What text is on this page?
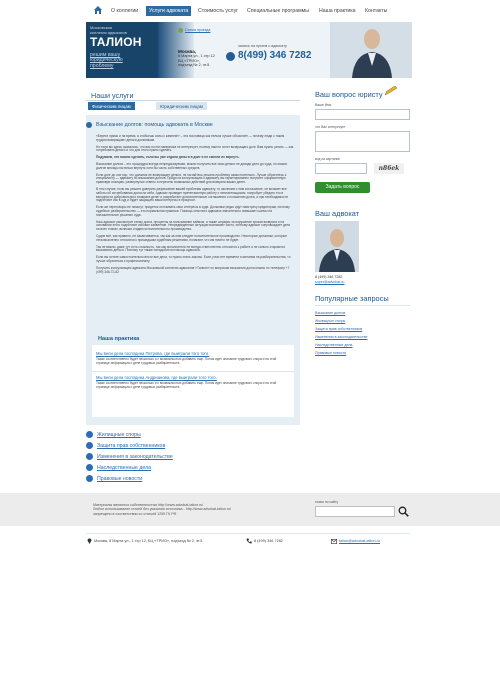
О коллегии	Услуги адвоката	Стоимость услуг Специальные программы Наша практика Контакты
Московская
коллегия адвокатов
ТАЛИОН
решим вашу
юридическую
проблему
Схема проезда
Москва,
8 Марта ул., 1 стр 12
БЦ «ТРИО»,
подъезд № 2, эт.5
запись на прием к адвокату
8(499) 346 7282
Наши услуги
Физическим лицам	Юридическим лицам
Взыскание долгов: помощь адвоката в Москве

«Береги прямо и на время, а отобьешь силы с камнем!» – эта пословица как нельзя лучше объясняет — почему люди с таким трудом возвращают деньги должникам.

Но если вы здесь оказались, что вас почти наверняка не интересует, почему нам не хотят возвращать долг. Вам нужно узнать — как потребовать деньги и что для этого нужно сделать.

Подумаем, что можно сделать, если вы уже отдали деньги в долг и не смогли их вернуть.

Взыскание долгов – это процедура всегда непредсказуемая, можно получить все свои деньги не доводя дело до суда, но можно долгие месяцы пытаться вернуть хотя бы часть собственных средств.

Если долг до сих пор, что должник не возвращает деньги, не пытайтесь решить проблему самостоятельно. Лучше обратитесь к специалисту — адвокату по взысканию долгов. Придя на консультацию к адвокату, вы гарантированно получите оформленную правовую позицию, развернутые ответы и перечень возможных действий для возврата ваших денег.

В том случае, если вы решите доверить разрешение вашей проблемы адвокату, то заключив с ним соглашение, он возьмет все заботы об истребовании долга на себя. Адвокат проведет претензионную работу с неплательщиком, попробует убедить его в выгодности добровольного возврата денег и разработает дополнительные соглашения о погашении долга, а при необходимости подготовит иск в суд и будет защищать ваши интересы в процессе.

Если же переговоры не помогут, придется отстаивать свои интересы в суде. Должники редко идут навстречу кредиторам, поэтому судебное разбирательство — это нормальная практика. Помощь опытного адвоката значительно повышает шансы на положительное решение суда.

Наш адвокат рассмотрит схему долга, проценты за пользование займом, а также штрафы за нарушение сроков возврата и на основании этого подготовит исковое заявление. Непредвиденные ситуации возникают часто, поэтому адвокат сопровождает дело на всех этапах, включая стадию исполнительного производства.

Судов всё, как правило, не заканчивается, так как за ним следует исполнительное производство. Некоторые должники, которые легкомысленно относятся к пришедшим судебным решениям, полагают, что им ничего не будет.

Так не важно, даже тут есть сложность, так как исполнители не всегда ответственно относятся к работе и не сильно стараются взыскивать деньги. Поэтому тут также понадобится помощь адвоката.

Если вы хотите самостоятельно вести все дела, то нужно знать законы. Если у вас нет времени и желания на разбирательства, то лучше обратиться к профессионалу.

Получить консультацию адвоката Московской коллегии адвокатов «Талион» по вопросам взыскания долга можно по телефону +7 (499) 346-72-82

Наша практика
Мы вели дела господина Петрова, где выиграли того того.
Также соответственно будет несколько и с возможностью добавить еще. Потом идет описание трудового спора и на этой странице информация о деле трудовых разбирательств.
Мы вели дела господина Андрианова, где выиграли того того.
Также соответственно будет несколько и с возможностью добавить еще. Потом идет описание трудового спора и на этой странице информация о деле трудовых разбирательств.
Жилищные споры
Защита прав собственников
Изменения в законодательстве
Наследственные дела
Правовые новости
Ваш вопрос юристу
Ваше Имя
что Вас интересует
код на картинке
n86ek
Задать вопрос
Ваш адвокат
8 (499) 346 7282
super@advokat.ru
Популярные запросы
Взыскание долгов
Жилищные споры
Защита прав собственников
Изменения в законодательстве
Наследственные дела
Правовые новости
Материалы являются собственностью http://www.advokat-talion.ru/
Любое использование статей без указания источника - http://www.advokat-talion.ru/
запрещено в соответствии со статьей 1259 ГК РФ
поиск по сайту
Москва, 8 Марта ул., 1 стр 12, БЦ «ТРИО», подъезд № 2, эт.5	8 (499) 346 7282	talion@advokat-talion.ru
